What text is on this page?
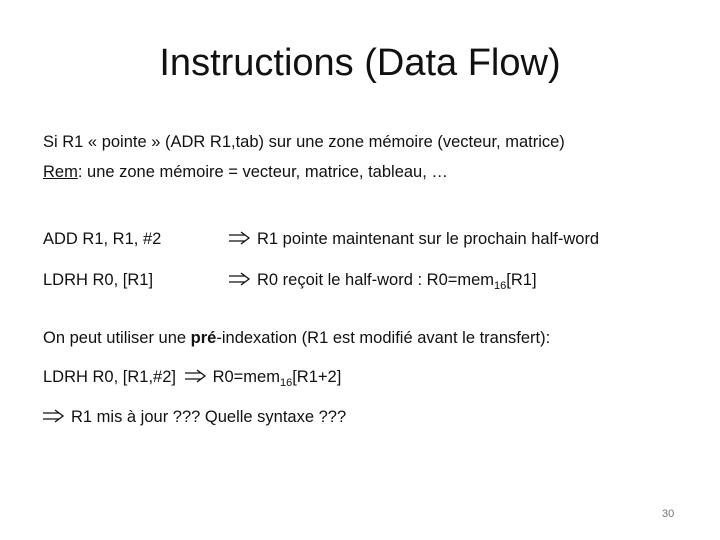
Instructions (Data Flow)
Si R1 « pointe » (ADR R1,tab) sur une zone mémoire (vecteur, matrice)
Rem: une zone mémoire = vecteur, matrice, tableau, …
ADD R1, R1, #2	R1 pointe maintenant sur le prochain half-word
LDRH R0, [R1]	R0 reçoit le half-word : R0=mem$_{16}$[R1]
On peut utiliser une pré-indexation (R1 est modifié avant le transfert):
LDRH R0, [R1,#2] R0=mem$_{16}$[R1+2]
R1 mis à jour ??? Quelle syntaxe ???
30
